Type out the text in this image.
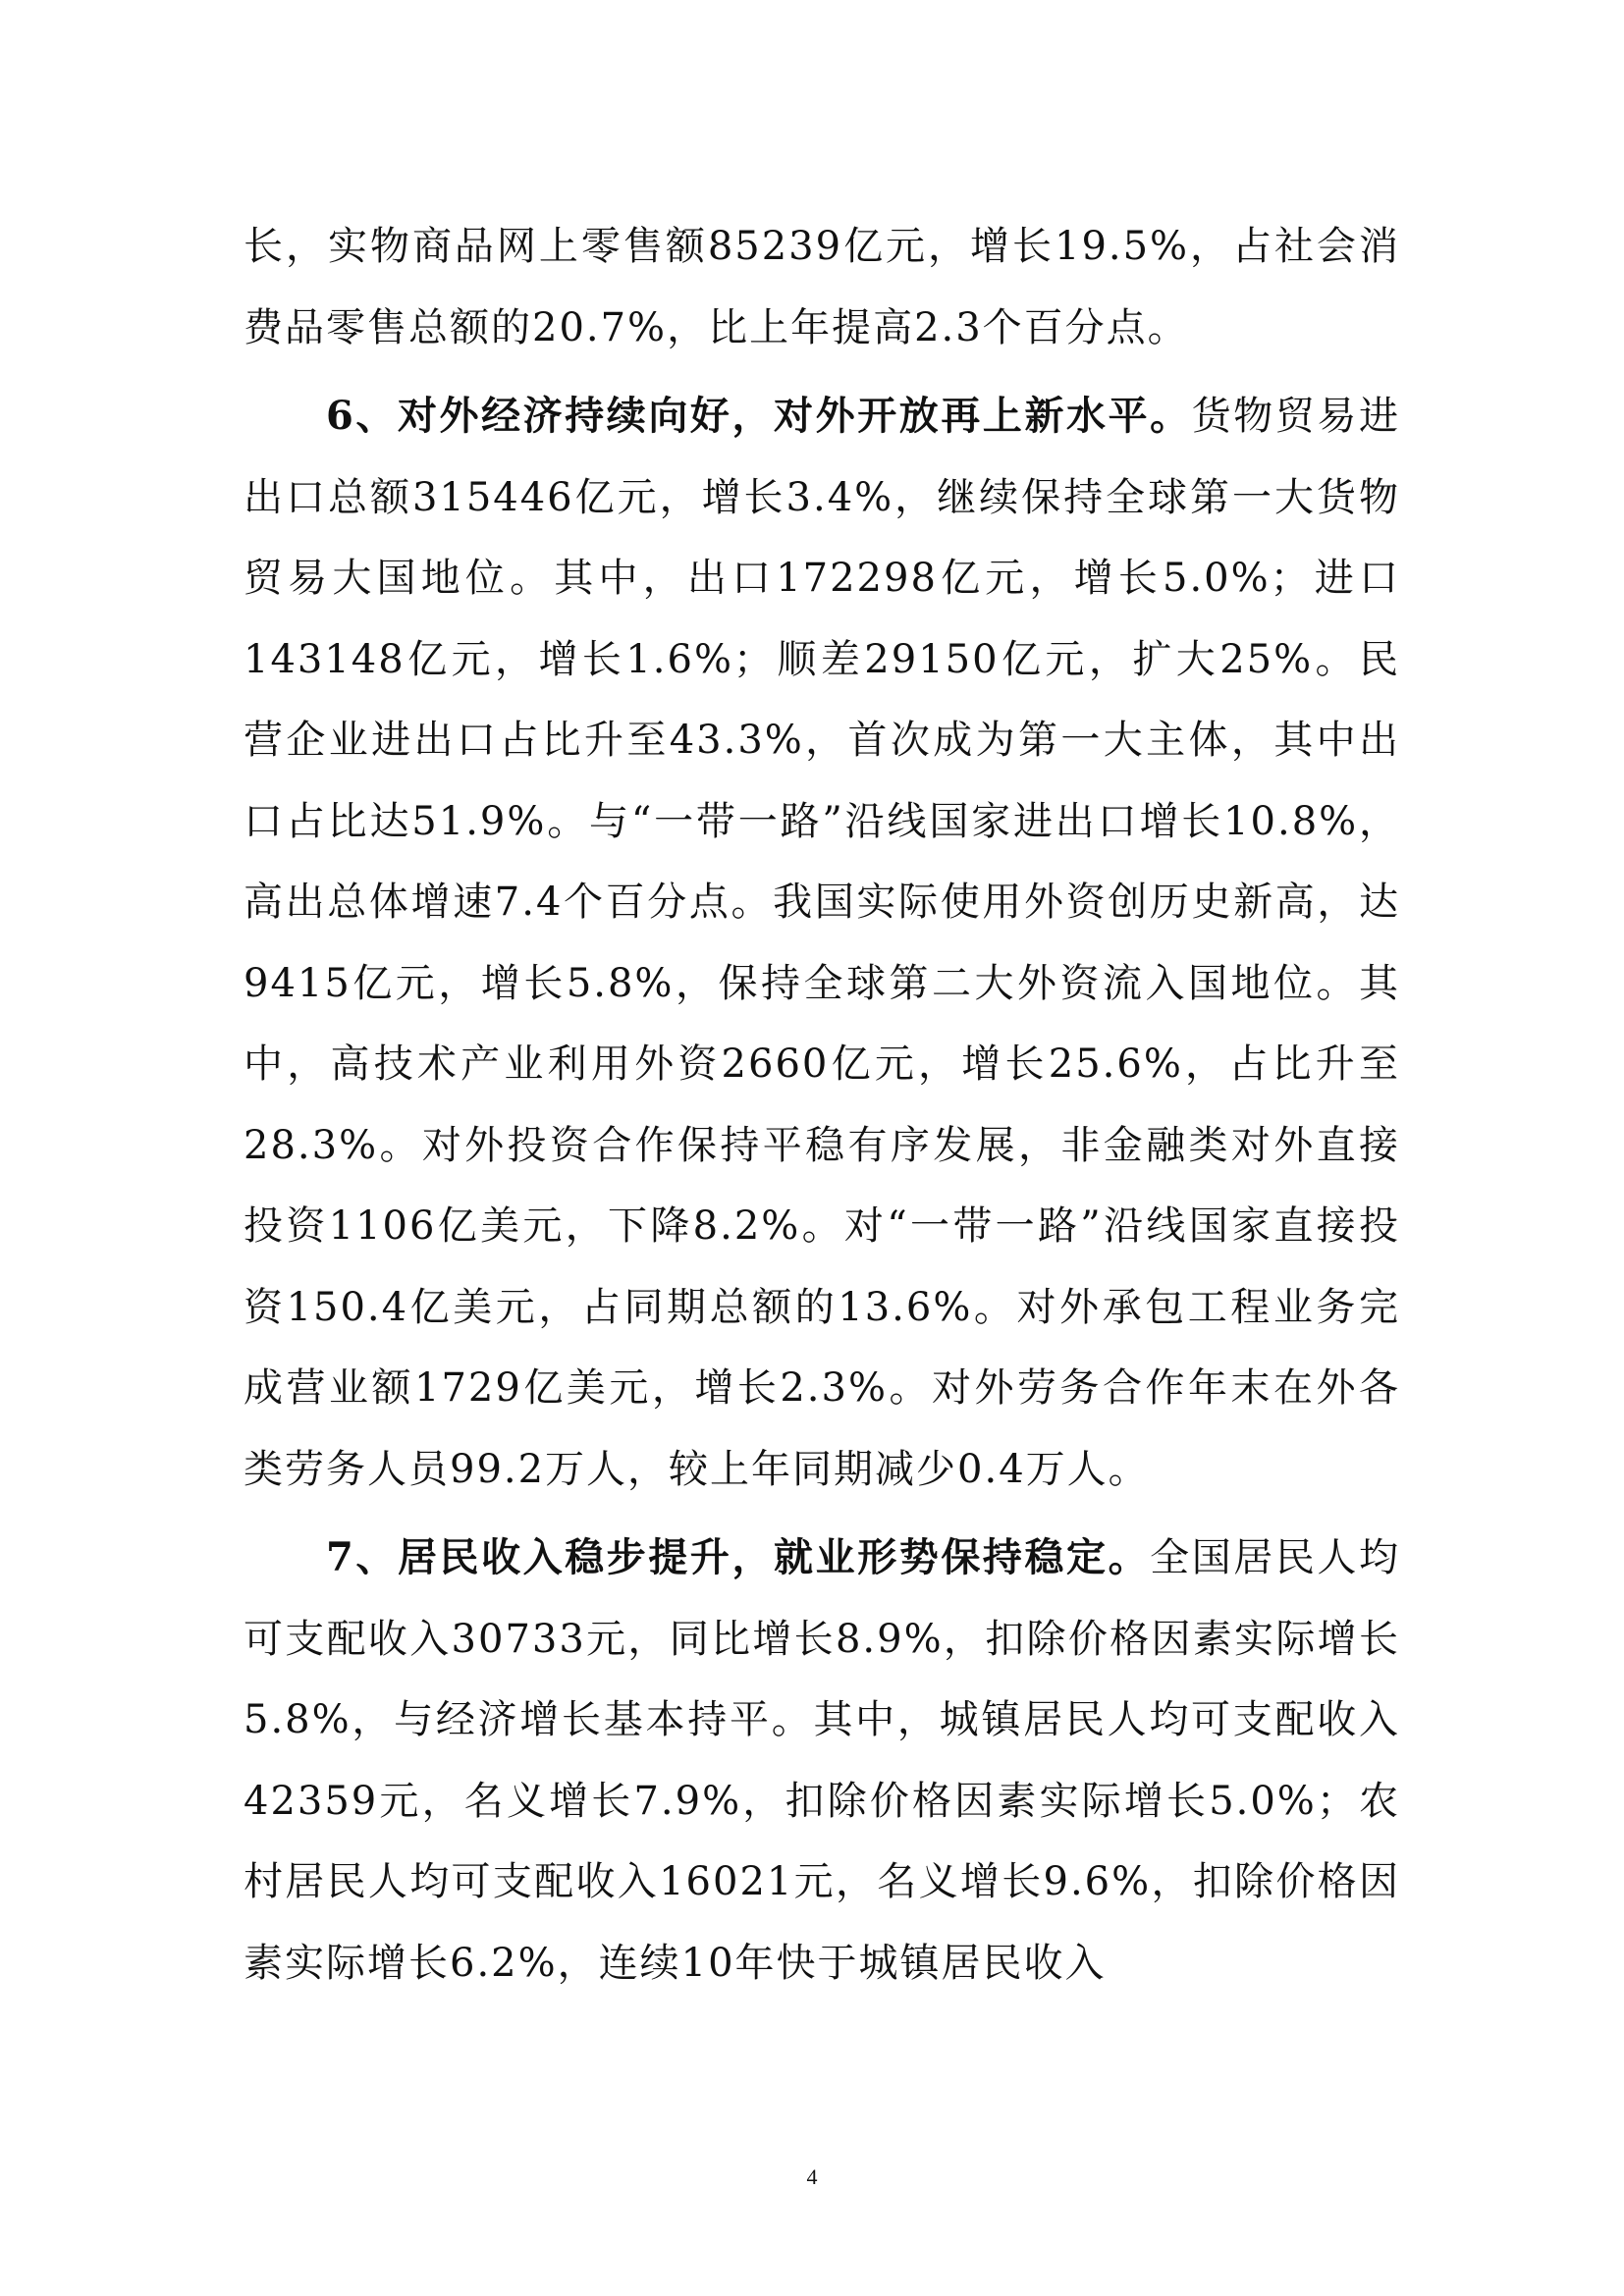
长，实物商品网上零售额85239亿元，增长19.5%，占社会消费品零售总额的20.7%，比上年提高2.3个百分点。

6、对外经济持续向好，对外开放再上新水平。货物贸易进出口总额315446亿元，增长3.4%，继续保持全球第一大货物贸易大国地位。其中，出口172298亿元，增长5.0%；进口143148亿元，增长1.6%；顺差29150亿元，扩大25%。民营企业进出口占比升至43.3%，首次成为第一大主体，其中出口占比达51.9%。与“一带一路”沿线国家进出口增长10.8%，高出总体增速7.4个百分点。我国实际使用外资创历史新高，达9415亿元，增长5.8%，保持全球第二大外资流入国地位。其中，高技术产业利用外资2660亿元，增长25.6%，占比升至28.3%。对外投资合作保持平稳有序发展，非金融类对外直接投资1106亿美元，下降8.2%。对“一带一路”沿线国家直接投资150.4亿美元，占同期总额的13.6%。对外承包工程业务完成营业额1729亿美元，增长2.3%。对外劳务合作年末在外各类劳务人员99.2万人，较上年同期减少0.4万人。

7、居民收入稳步提升，就业形势保持稳定。全国居民人均可支配收入30733元，同比增长8.9%，扣除价格因素实际增长5.8%，与经济增长基本持平。其中，城镇居民人均可支配收入42359元，名义增长7.9%，扣除价格因素实际增长5.0%；农村居民人均可支配收入16021元，名义增长9.6%，扣除价格因素实际增长6.2%，连续10年快于城镇居民收入

4
